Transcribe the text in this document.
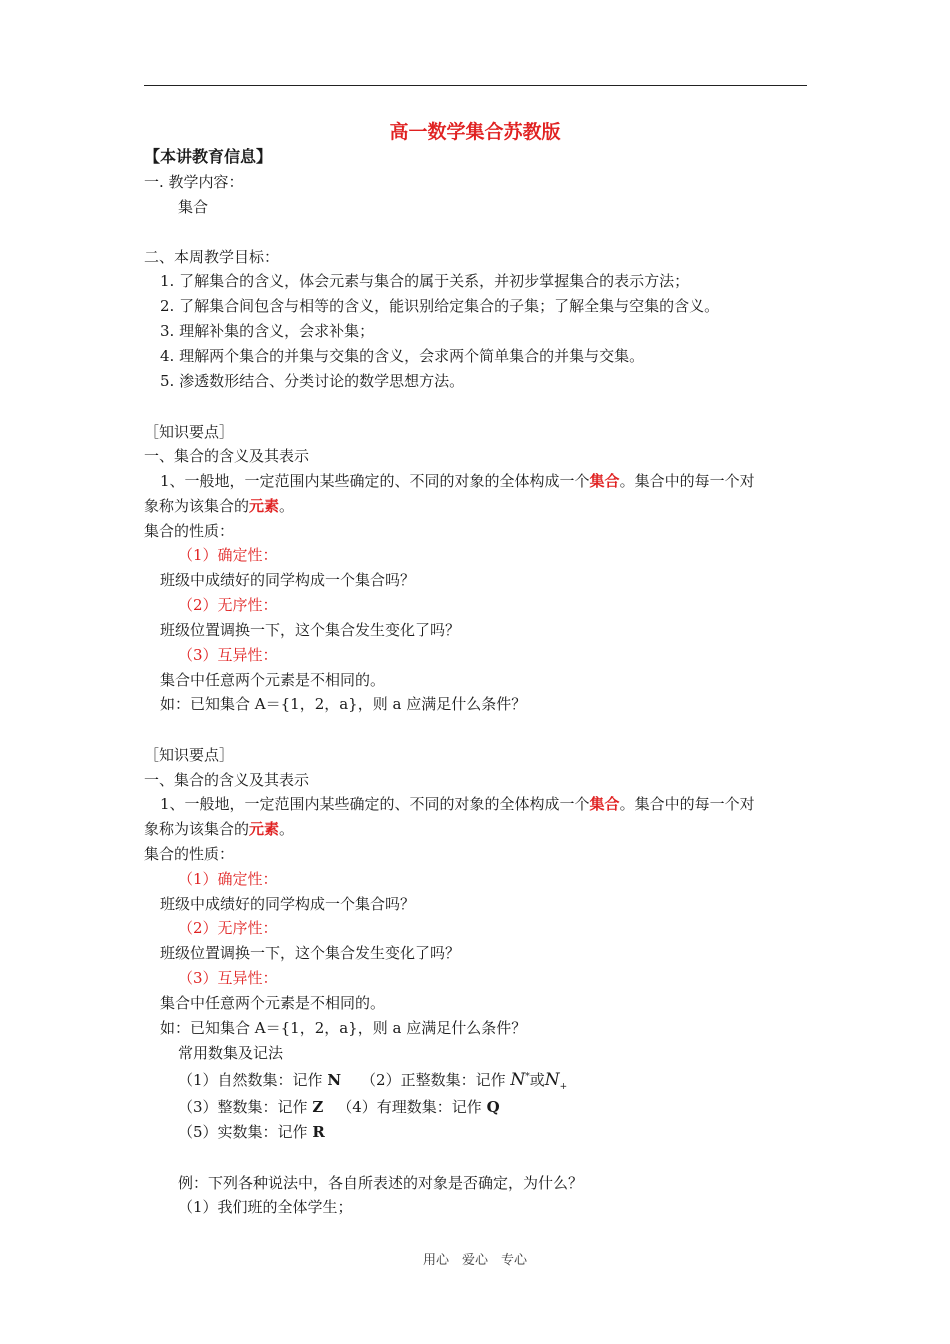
高一数学集合苏教版
【本讲教育信息】
一. 教学内容：
集合
二、本周教学目标：
1. 了解集合的含义，体会元素与集合的属于关系，并初步掌握集合的表示方法；
2. 了解集合间包含与相等的含义，能识别给定集合的子集；了解全集与空集的含义。
3. 理解补集的含义，会求补集；
4. 理解两个集合的并集与交集的含义，会求两个简单集合的并集与交集。
5. 渗透数形结合、分类讨论的数学思想方法。
［知识要点］
一、集合的含义及其表示
1、一般地，一定范围内某些确定的、不同的对象的全体构成一个集合。集合中的每一个对
象称为该集合的元素。
集合的性质：
（1）确定性：
班级中成绩好的同学构成一个集合吗？
（2）无序性：
班级位置调换一下，这个集合发生变化了吗？
（3）互异性：
集合中任意两个元素是不相同的。
如：已知集合 A＝{1，2，a}，则 a 应满足什么条件？
［知识要点］
一、集合的含义及其表示
1、一般地，一定范围内某些确定的、不同的对象的全体构成一个集合。集合中的每一个对
象称为该集合的元素。
集合的性质：
（1）确定性：
班级中成绩好的同学构成一个集合吗？
（2）无序性：
班级位置调换一下，这个集合发生变化了吗？
（3）互异性：
集合中任意两个元素是不相同的。
如：已知集合 A＝{1，2，a}，则 a 应满足什么条件？
常用数集及记法
（1）自然数集：记作 N （2）正整数集：记作 N*或$N_+$
（3）整数集：记作 Z （4）有理数集：记作 Q
（5）实数集：记作 R
例：下列各种说法中，各自所表述的对象是否确定，为什么？
（1）我们班的全体学生；
用心　爱心　专心
